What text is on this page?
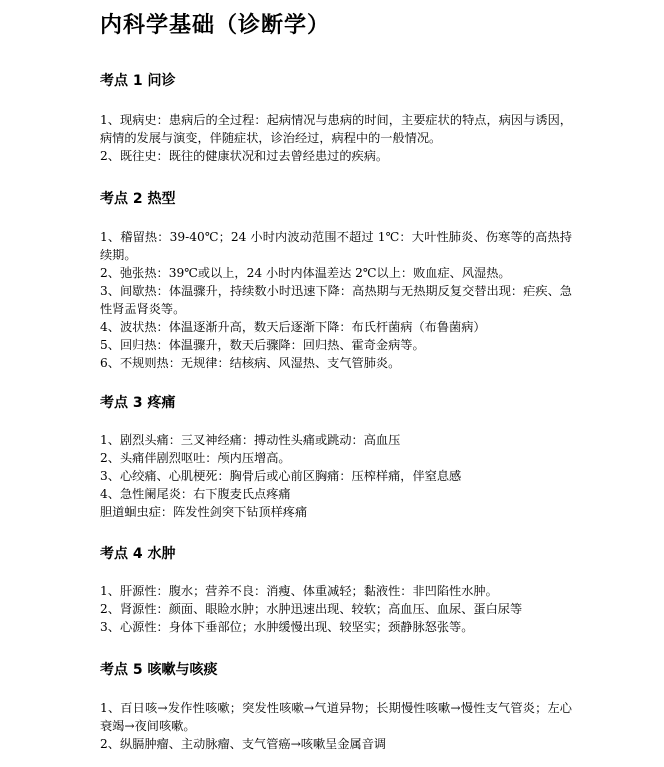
内科学基础（诊断学）
考点 1 问诊
1、现病史：患病后的全过程：起病情况与患病的时间，主要症状的特点，病因与诱因，病情的发展与演变，伴随症状，诊治经过，病程中的一般情况。
2、既往史：既往的健康状况和过去曾经患过的疾病。
考点 2 热型
1、稽留热：39-40℃；24 小时内波动范围不超过 1℃：大叶性肺炎、伤寒等的高热持续期。
2、弛张热：39℃或以上，24 小时内体温差达 2℃以上：败血症、风湿热。
3、间歇热：体温骤升，持续数小时迅速下降：高热期与无热期反复交替出现：疟疾、急性肾盂肾炎等。
4、波状热：体温逐渐升高，数天后逐渐下降：布氏杆菌病（布鲁菌病）
5、回归热：体温骤升，数天后骤降：回归热、霍奇金病等。
6、不规则热：无规律：结核病、风湿热、支气管肺炎。
考点 3 疼痛
1、剧烈头痛：三叉神经痛：搏动性头痛或跳动：高血压
2、头痛伴剧烈呕吐：颅内压增高。
3、心绞痛、心肌梗死：胸骨后或心前区胸痛：压榨样痛，伴窒息感
4、急性阑尾炎：右下腹麦氏点疼痛
胆道蛔虫症：阵发性剑突下钻顶样疼痛
考点 4 水肿
1、肝源性：腹水；营养不良：消瘦、体重减轻；黏液性：非凹陷性水肿。
2、肾源性：颜面、眼睑水肿；水肿迅速出现、较软；高血压、血尿、蛋白尿等
3、心源性：身体下垂部位；水肿缓慢出现、较坚实；颈静脉怒张等。
考点 5 咳嗽与咳痰
1、百日咳→发作性咳嗽；突发性咳嗽→气道异物；长期慢性咳嗽→慢性支气管炎；左心衰竭→夜间咳嗽。
2、纵膈肿瘤、主动脉瘤、支气管癌→咳嗽呈金属音调
